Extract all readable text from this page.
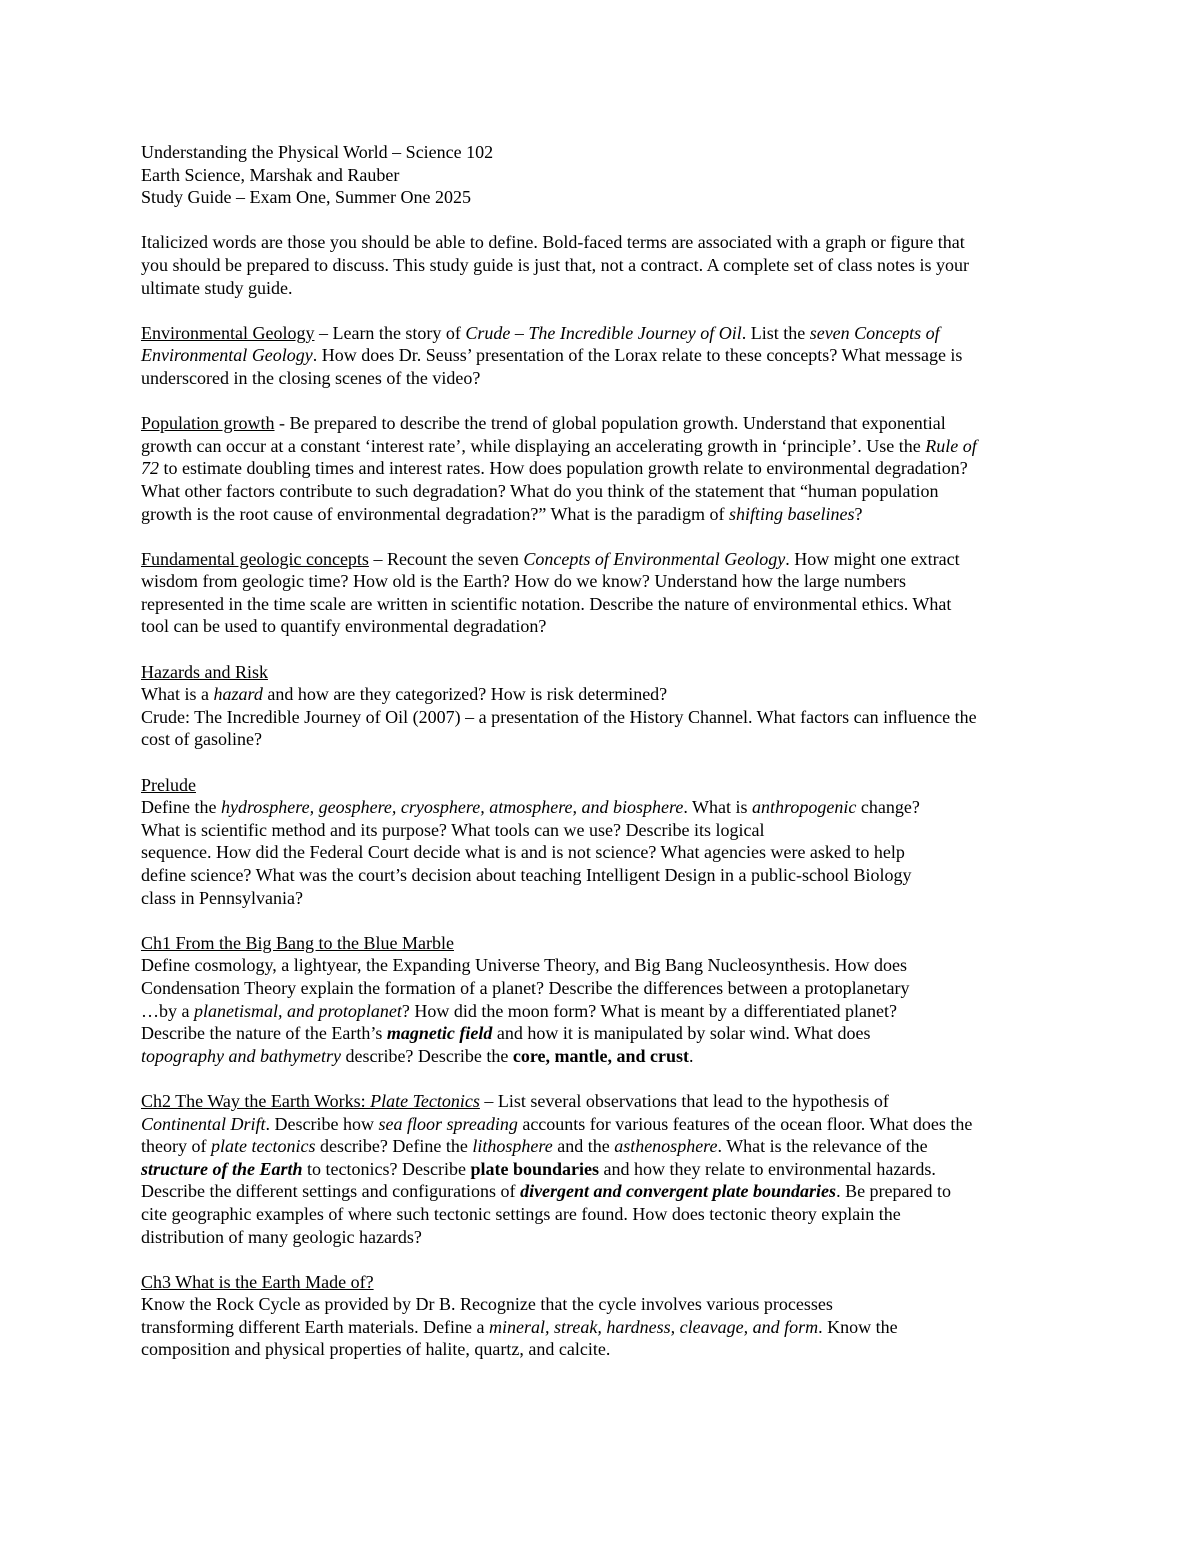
Understanding the Physical World – Science 102
Earth Science, Marshak and Rauber
Study Guide – Exam One, Summer One 2025
Italicized words are those you should be able to define. Bold-faced terms are associated with a graph or figure that
you should be prepared to discuss. This study guide is just that, not a contract. A complete set of class notes is your
ultimate study guide.
Environmental Geology – Learn the story of Crude – The Incredible Journey of Oil. List the seven Concepts of
Environmental Geology. How does Dr. Seuss’ presentation of the Lorax relate to these concepts? What message is
underscored in the closing scenes of the video?
Population growth - Be prepared to describe the trend of global population growth. Understand that exponential
growth can occur at a constant ‘interest rate’, while displaying an accelerating growth in ‘principle’. Use the Rule of
72 to estimate doubling times and interest rates. How does population growth relate to environmental degradation?
What other factors contribute to such degradation? What do you think of the statement that “human population
growth is the root cause of environmental degradation?” What is the paradigm of shifting baselines?
Fundamental geologic concepts – Recount the seven Concepts of Environmental Geology. How might one extract
wisdom from geologic time? How old is the Earth? How do we know? Understand how the large numbers
represented in the time scale are written in scientific notation. Describe the nature of environmental ethics. What
tool can be used to quantify environmental degradation?
Hazards and Risk
What is a hazard and how are they categorized? How is risk determined?
Crude: The Incredible Journey of Oil (2007) – a presentation of the History Channel. What factors can influence the
cost of gasoline?
Prelude
Define the hydrosphere, geosphere, cryosphere, atmosphere, and biosphere. What is anthropogenic change?
What is scientific method and its purpose? What tools can we use? Describe its logical
sequence. How did the Federal Court decide what is and is not science? What agencies were asked to help
define science? What was the court’s decision about teaching Intelligent Design in a public-school Biology
class in Pennsylvania?
Ch1 From the Big Bang to the Blue Marble
Define cosmology, a lightyear, the Expanding Universe Theory, and Big Bang Nucleosynthesis. How does
Condensation Theory explain the formation of a planet? Describe the differences between a protoplanetary
…by a planetismal, and protoplanet? How did the moon form? What is meant by a differentiated planet?
Describe the nature of the Earth’s magnetic field and how it is manipulated by solar wind. What does
topography and bathymetry describe? Describe the core, mantle, and crust.
Ch2 The Way the Earth Works: Plate Tectonics – List several observations that lead to the hypothesis of
Continental Drift. Describe how sea floor spreading accounts for various features of the ocean floor. What does the
theory of plate tectonics describe? Define the lithosphere and the asthenosphere. What is the relevance of the
structure of the Earth to tectonics? Describe plate boundaries and how they relate to environmental hazards.
Describe the different settings and configurations of divergent and convergent plate boundaries. Be prepared to
cite geographic examples of where such tectonic settings are found. How does tectonic theory explain the
distribution of many geologic hazards?
Ch3 What is the Earth Made of?
Know the Rock Cycle as provided by Dr B. Recognize that the cycle involves various processes
transforming different Earth materials. Define a mineral, streak, hardness, cleavage, and form. Know the
composition and physical properties of halite, quartz, and calcite.
